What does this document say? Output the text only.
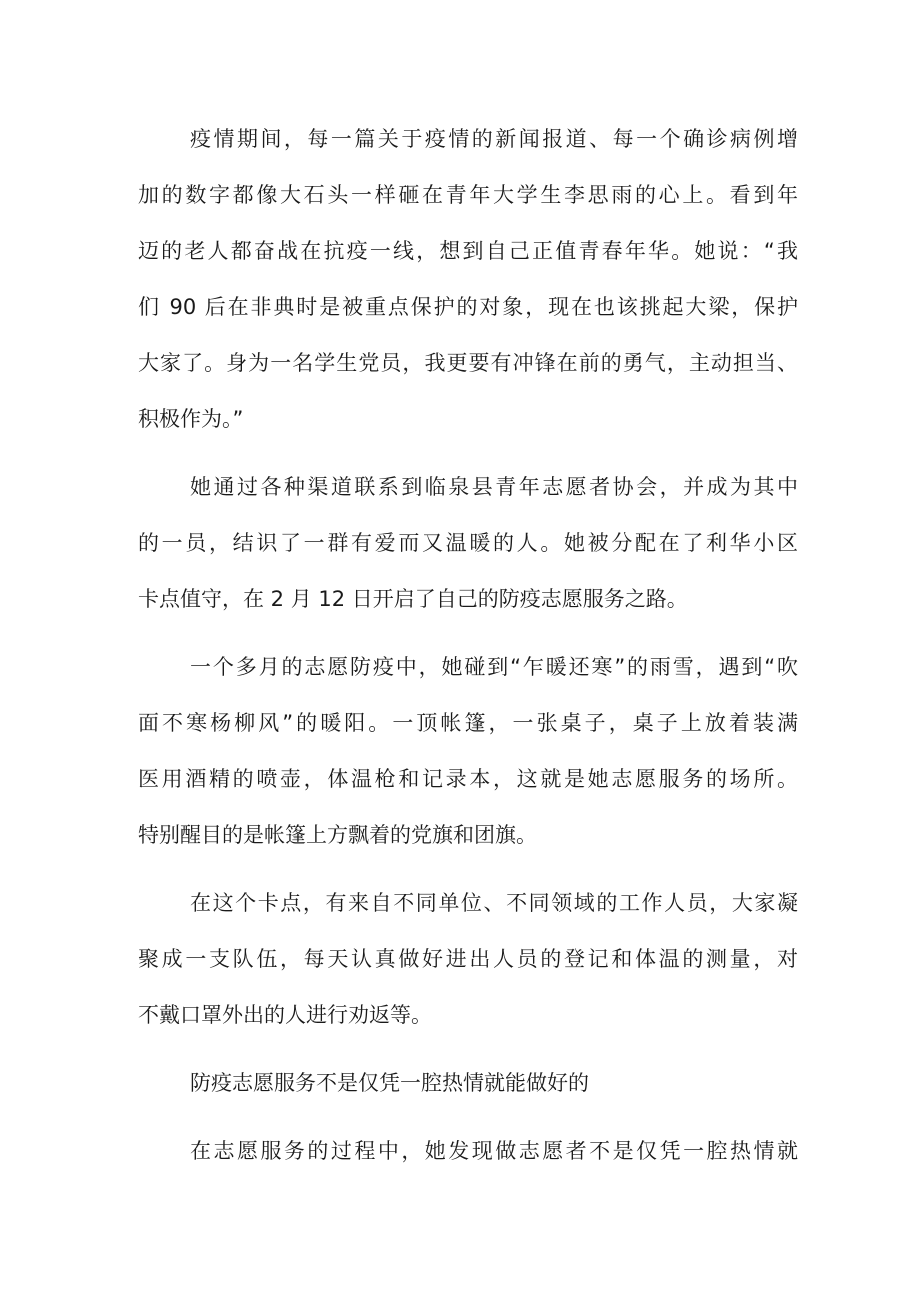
疫情期间，每一篇关于疫情的新闻报道、每一个确诊病例增
加的数字都像大石头一样砸在青年大学生李思雨的心上。看到年
迈的老人都奋战在抗疫一线，想到自己正值青春年华。她说：“我
们 90 后在非典时是被重点保护的对象，现在也该挑起大梁，保护
大家了。身为一名学生党员，我更要有冲锋在前的勇气，主动担当、
积极作为。”
她通过各种渠道联系到临泉县青年志愿者协会，并成为其中
的一员，结识了一群有爱而又温暖的人。她被分配在了利华小区
卡点值守，在 2 月 12 日开启了自己的防疫志愿服务之路。
一个多月的志愿防疫中，她碰到“乍暖还寒”的雨雪，遇到“吹
面不寒杨柳风”的暖阳。一顶帐篷，一张桌子，桌子上放着装满
医用酒精的喷壶，体温枪和记录本，这就是她志愿服务的场所。
特别醒目的是帐篷上方飘着的党旗和团旗。
在这个卡点，有来自不同单位、不同领域的工作人员，大家凝
聚成一支队伍，每天认真做好进出人员的登记和体温的测量，对
不戴口罩外出的人进行劝返等。
防疫志愿服务不是仅凭一腔热情就能做好的
在志愿服务的过程中，她发现做志愿者不是仅凭一腔热情就
